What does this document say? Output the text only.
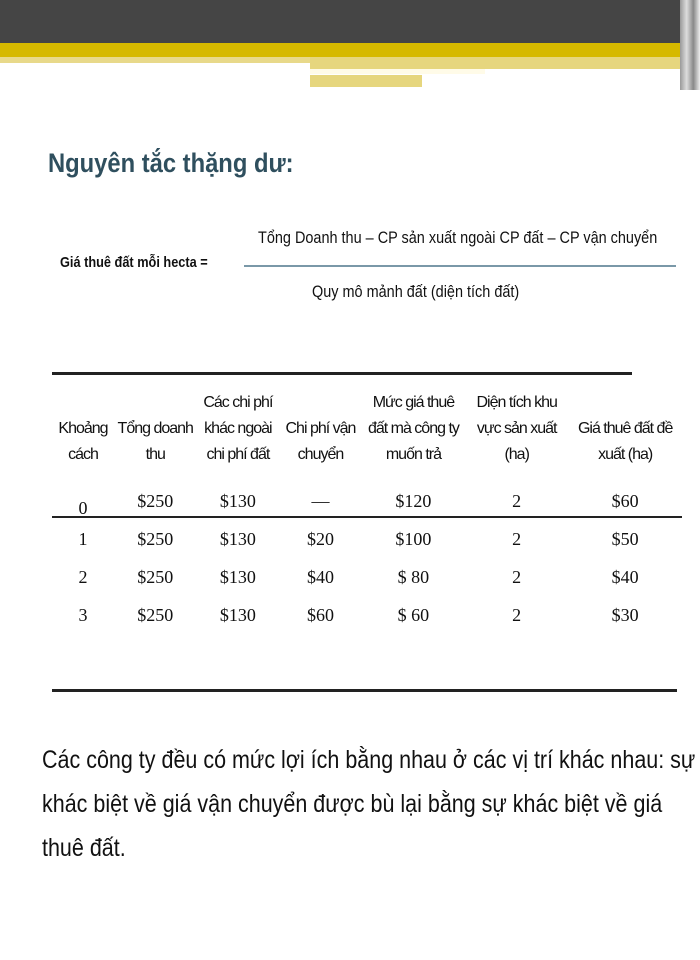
Nguyên tắc thặng dư:
Giá thuê đất mỗi hecta =
Tổng Doanh thu – CP sản xuất ngoài CP đất – CP vận chuyển
Quy mô mảnh đất (diện tích đất)
Khoảng cách	Tổng doanh thu	Các chi phí khác ngoài chi phí đất	Chi phí vận chuyển	Mức giá thuê đất mà công ty muốn trả	Diện tích khu vực sản xuất (ha)	Giá thuê đất đề xuất (ha)
0	$250	$130	—	$120	2	$60
1	$250	$130	$20	$100	2	$50
2	$250	$130	$40	$ 80	2	$40
3	$250	$130	$60	$ 60	2	$30
Các công ty đều có mức lợi ích bằng nhau ở các vị trí khác nhau: sự khác biệt về giá vận chuyển được bù lại bằng sự khác biệt về giá thuê đất.
